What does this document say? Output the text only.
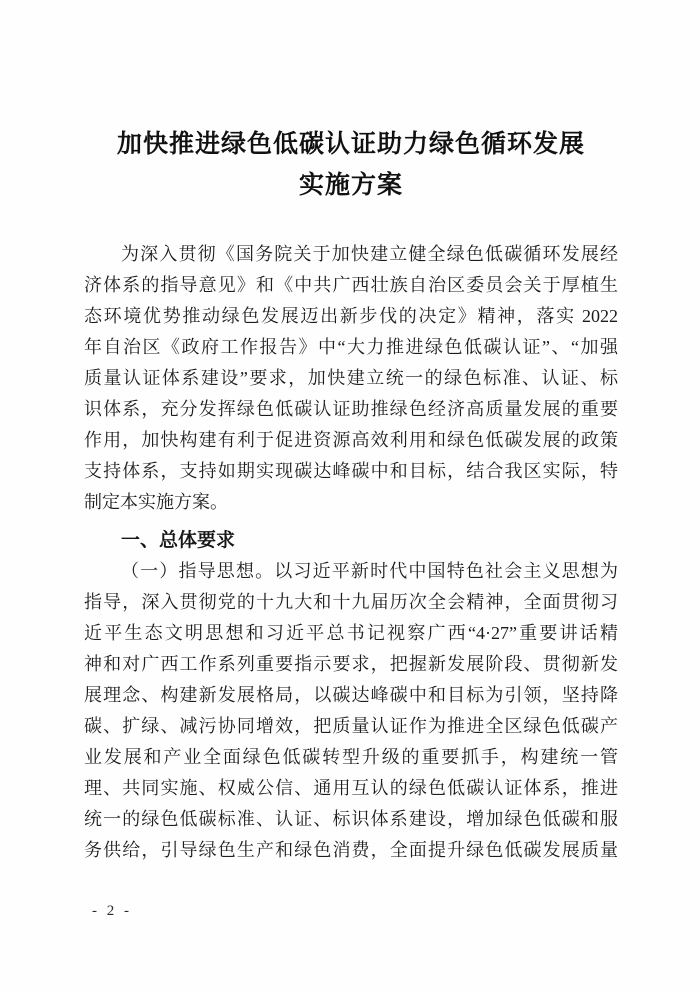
加快推进绿色低碳认证助力绿色循环发展
实施方案
为深入贯彻《国务院关于加快建立健全绿色低碳循环发展经
济体系的指导意见》和《中共广西壮族自治区委员会关于厚植生
态环境优势推动绿色发展迈出新步伐的决定》精神，落实 2022
年自治区《政府工作报告》中“大力推进绿色低碳认证”、“加强
质量认证体系建设”要求，加快建立统一的绿色标准、认证、标
识体系，充分发挥绿色低碳认证助推绿色经济高质量发展的重要
作用，加快构建有利于促进资源高效利用和绿色低碳发展的政策
支持体系，支持如期实现碳达峰碳中和目标，结合我区实际，特
制定本实施方案。
一、总体要求
（一）指导思想。以习近平新时代中国特色社会主义思想为
指导，深入贯彻党的十九大和十九届历次全会精神，全面贯彻习
近平生态文明思想和习近平总书记视察广西“4·27”重要讲话精
神和对广西工作系列重要指示要求，把握新发展阶段、贯彻新发
展理念、构建新发展格局，以碳达峰碳中和目标为引领，坚持降
碳、扩绿、减污协同增效，把质量认证作为推进全区绿色低碳产
业发展和产业全面绿色低碳转型升级的重要抓手，构建统一管
理、共同实施、权威公信、通用互认的绿色低碳认证体系，推进
统一的绿色低碳标准、认证、标识体系建设，增加绿色低碳和服
务供给，引导绿色生产和绿色消费，全面提升绿色低碳发展质量
- 2 -
